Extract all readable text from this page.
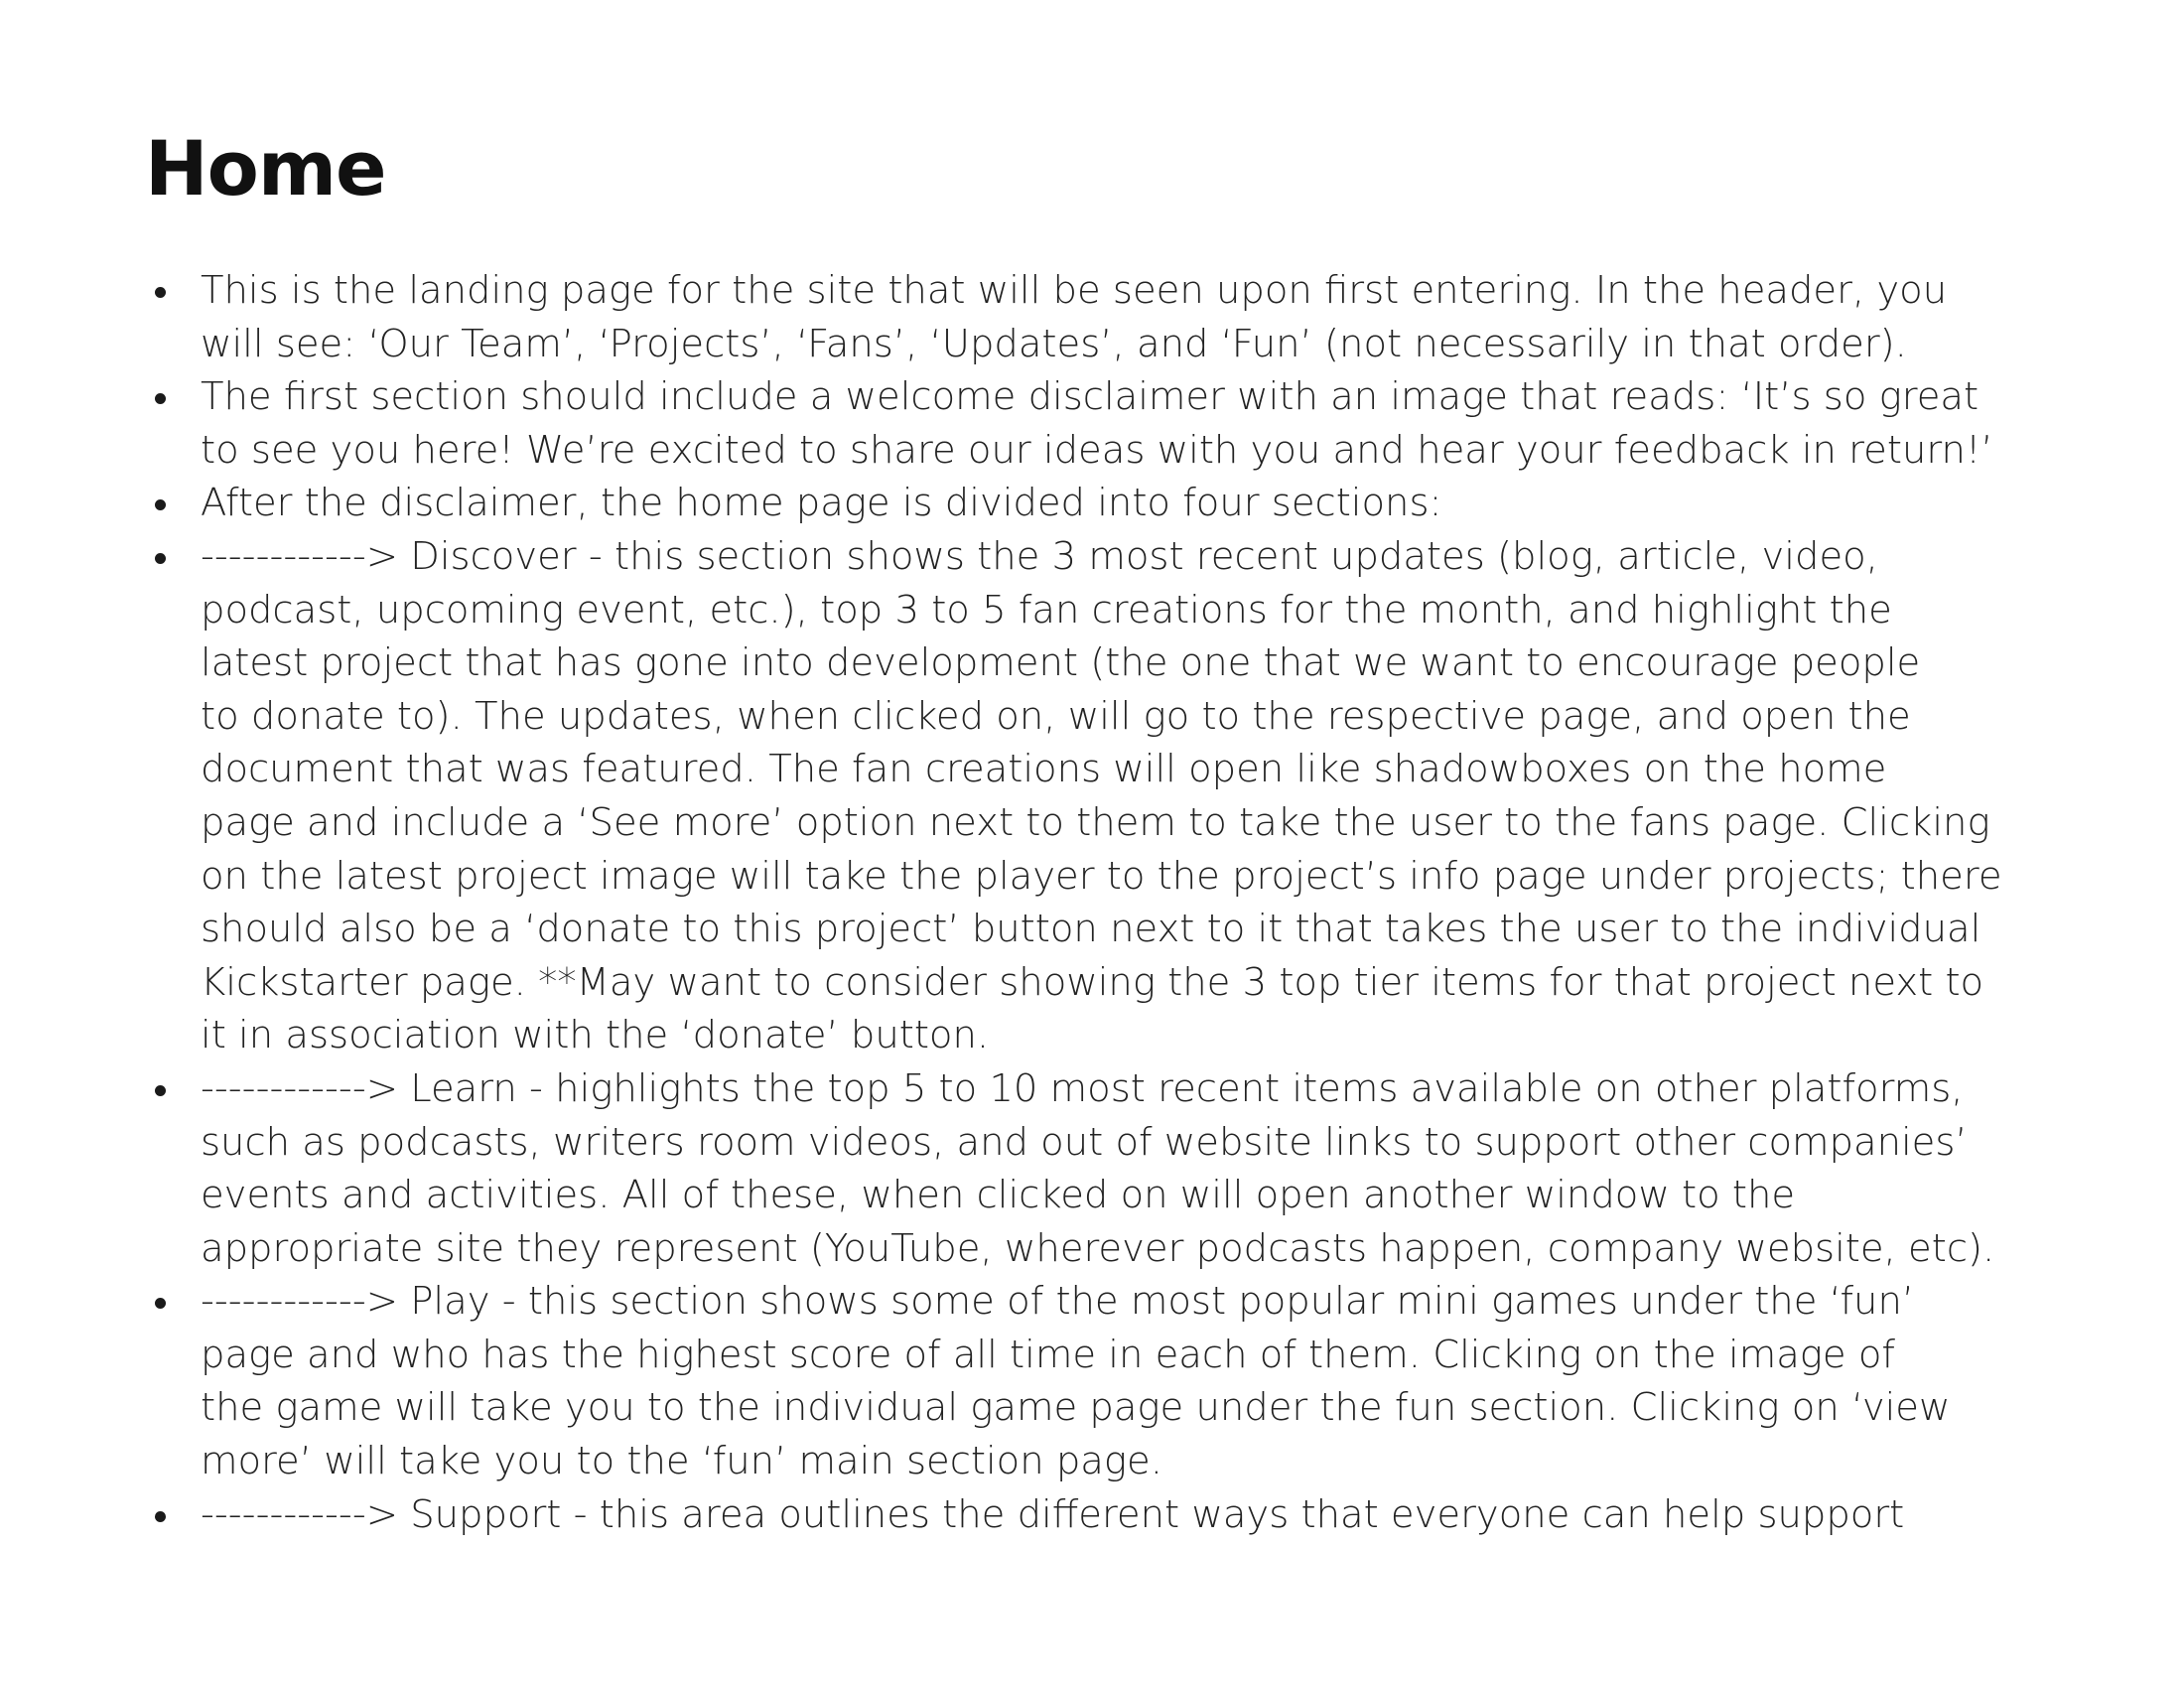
Home
This is the landing page for the site that will be seen upon first entering. In the header, you
will see: ‘Our Team’, ‘Projects’, ‘Fans’, ‘Updates’, and ‘Fun’ (not necessarily in that order).
The first section should include a welcome disclaimer with an image that reads: ‘It’s so great
to see you here! We’re excited to share our ideas with you and hear your feedback in return!’
After the disclaimer, the home page is divided into four sections:
------------> Discover - this section shows the 3 most recent updates (blog, article, video,
podcast, upcoming event, etc.), top 3 to 5 fan creations for the month, and highlight the
latest project that has gone into development (the one that we want to encourage people
to donate to). The updates, when clicked on, will go to the respective page, and open the
document that was featured. The fan creations will open like shadowboxes on the home
page and include a ‘See more’ option next to them to take the user to the fans page. Clicking
on the latest project image will take the player to the project’s info page under projects; there
should also be a ‘donate to this project’ button next to it that takes the user to the individual
Kickstarter page. **May want to consider showing the 3 top tier items for that project next to
it in association with the ‘donate’ button.
------------> Learn - highlights the top 5 to 10 most recent items available on other platforms,
such as podcasts, writers room videos, and out of website links to support other companies’
events and activities. All of these, when clicked on will open another window to the
appropriate site they represent (YouTube, wherever podcasts happen, company website, etc).
------------> Play - this section shows some of the most popular mini games under the ‘fun’
page and who has the highest score of all time in each of them. Clicking on the image of
the game will take you to the individual game page under the fun section. Clicking on ‘view
more’ will take you to the ‘fun’ main section page.
------------> Support - this area outlines the different ways that everyone can help support
